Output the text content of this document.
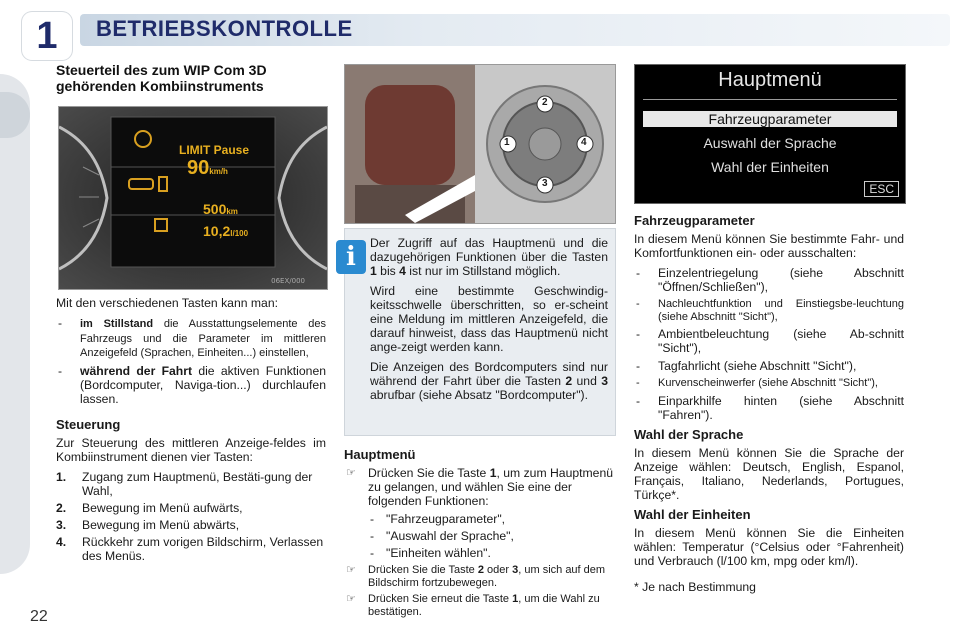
1	BETRIEBSKONTROLLE
22
Steuerteil des zum WIP Com 3D gehörenden Kombiinstruments
06EX/000
LIMIT Pause
90km/h
500km
10,2l/100

Mit den verschiedenen Tasten kann man:

- im Stillstand die Ausstattungselemente des Fahrzeugs und die Parameter im mittleren Anzeigefeld (Sprachen, Einheiten...) einstellen,
- während der Fahrt die aktiven Funktionen (Bordcomputer, Naviga-tion...) durchlaufen lassen.
Steuerung

Zur Steuerung des mittleren Anzeige-feldes im Kombiinstrument dienen vier Tasten:

1. Zugang zum Hauptmenü, Bestäti-gung der Wahl,
2. Bewegung im Menü aufwärts,
3. Bewegung im Menü abwärts,
4. Rückkehr zum vorigen Bildschirm, Verlassen des Menüs.
1
2
3
4
i	Der Zugriff auf das Hauptmenü und die dazugehörigen Funktionen über die Tasten 1 bis 4 ist nur im Stillstand möglich.

Wird eine bestimmte Geschwindig-keitsschwelle überschritten, so er-scheint eine Meldung im mittleren Anzeigefeld, die darauf hinweist, dass das Hauptmenü nicht ange-zeigt werden kann.

Die Anzeigen des Bordcomputers sind nur während der Fahrt über die Tasten 2 und 3 abrufbar (siehe Absatz "Bordcomputer").

Hauptmenü
☞ Drücken Sie die Taste 1, um zum Hauptmenü zu gelangen, und wählen Sie eine der folgenden Funktionen:
- "Fahrzeugparameter",
- "Auswahl der Sprache",
- "Einheiten wählen".
☞ Drücken Sie die Taste 2 oder 3, um sich auf dem Bildschirm fortzubewegen.
☞ Drücken Sie erneut die Taste 1, um die Wahl zu bestätigen.
Hauptmenü
Fahrzeugparameter
Auswahl der Sprache
Wahl der Einheiten
ESC
Fahrzeugparameter

In diesem Menü können Sie bestimmte Fahr- und Komfortfunktionen ein- oder ausschalten:

- Einzelentriegelung (siehe Abschnitt "Öffnen/Schließen"),
- Nachleuchtfunktion und Einstiegsbe-leuchtung (siehe Abschnitt "Sicht"),
- Ambientbeleuchtung (siehe Ab-schnitt "Sicht"),
- Tagfahrlicht (siehe Abschnitt "Sicht"),
- Kurvenscheinwerfer (siehe Abschnitt "Sicht"),
- Einparkhilfe hinten (siehe Abschnitt "Fahren").
Wahl der Sprache

In diesem Menü können Sie die Sprache der Anzeige wählen: Deutsch, English, Espanol, Français, Italiano, Nederlands, Portugues, Türkçe*.

Wahl der Einheiten

In diesem Menü können Sie die Einheiten wählen: Temperatur (°Celsius oder °Fahrenheit) und Verbrauch (l/100 km, mpg oder km/l).

* Je nach Bestimmung
